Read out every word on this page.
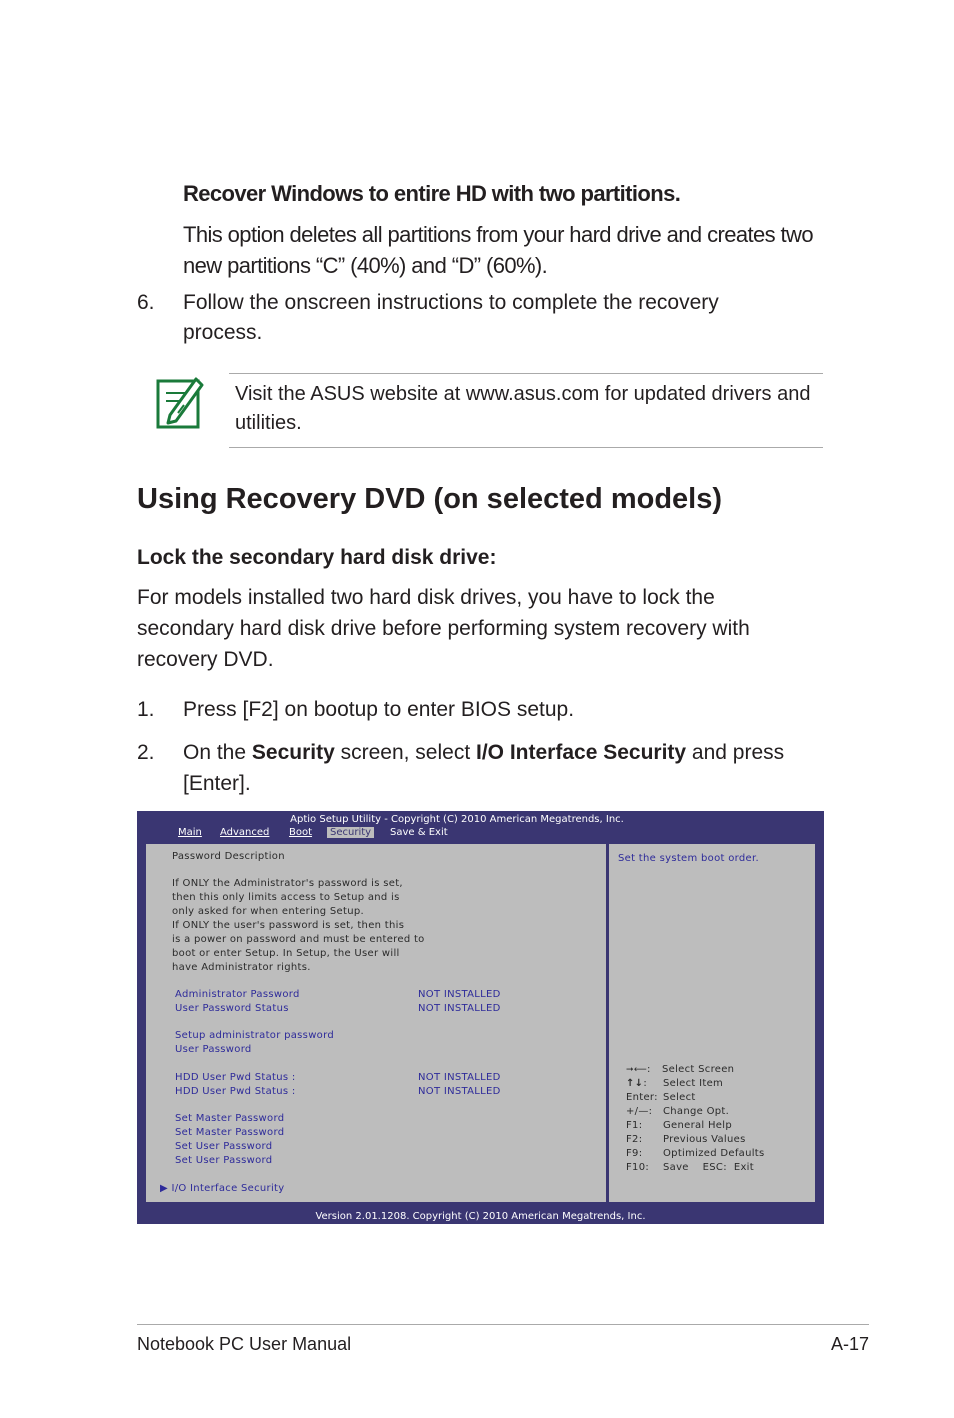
Recover Windows to entire HD with two partitions.
This option deletes all partitions from your hard drive and creates two
new partitions “C” (40%) and “D” (60%).
6. Follow the onscreen instructions to complete the recovery
process.
Visit the ASUS website at www.asus.com for updated drivers and
utilities.
Using Recovery DVD (on selected models)
Lock the secondary hard disk drive:
For models installed two hard disk drives, you have to lock the
secondary hard disk drive before performing system recovery with
recovery DVD.
1. Press [F2] on bootup to enter BIOS setup.
2. On the Security screen, select I/O Interface Security and press
[Enter].
Aptio Setup Utility - Copyright (C) 2010 American Megatrends, Inc.
Main Advanced Boot	Security	Save & Exit
Password Description
If ONLY the Administrator's password is set,
then this only limits access to Setup and is
only asked for when entering Setup.
If ONLY the user's password is set, then this
is a power on password and must be entered to
boot or enter Setup. In Setup, the User will
have Administrator rights.
Administrator Password	NOT INSTALLED
User Password Status	NOT INSTALLED
Setup administrator password
User Password
HDD User Pwd Status :	NOT INSTALLED
HDD User Pwd Status :	NOT INSTALLED
Set Master Password
Set Master Password
Set User Password
Set User Password
▶ I/O Interface Security
Set the system boot order.
➞⟵: Select Screen
↑↓: Select Item
Enter: Select
+/—: Change Opt.
F1: General Help
F2: Previous Values
F9: Optimized Defaults
F10: Save    ESC:  Exit
Version 2.01.1208. Copyright (C) 2010 American Megatrends, Inc.
Notebook PC User Manual	A-17
